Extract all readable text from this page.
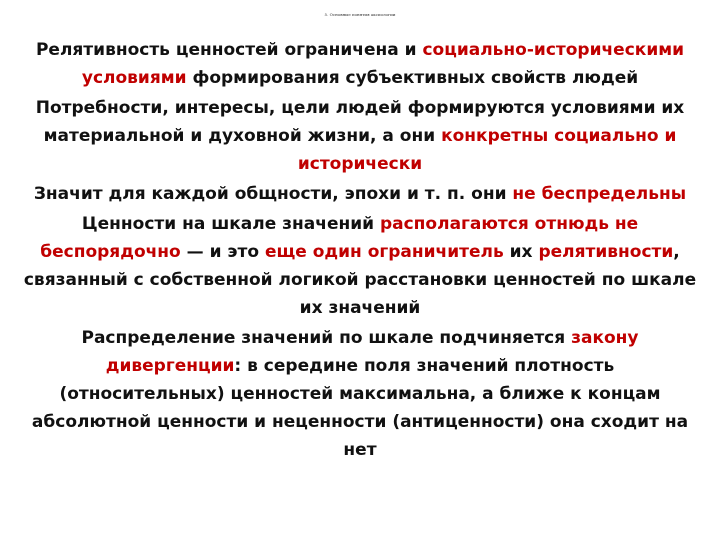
5. Основные понятия аксиологии

Релятивность ценностей ограничена и социально-историческими условиями формирования субъективных свойств людей

Потребности, интересы, цели людей формируются условиями их материальной и духовной жизни, а они конкретны социально и исторически

Значит для каждой общности, эпохи и т. п. они не беспредельны

Ценности на шкале значений располагаются отнюдь не беспорядочно — и это еще один ограничитель их релятивности, связанный с собственной логикой расстановки ценностей по шкале их значений

Распределение значений по шкале подчиняется закону дивергенции: в середине поля значений плотность (относительных) ценностей максимальна, а ближе к концам абсолютной ценности и неценности (антиценности) она сходит на нет
